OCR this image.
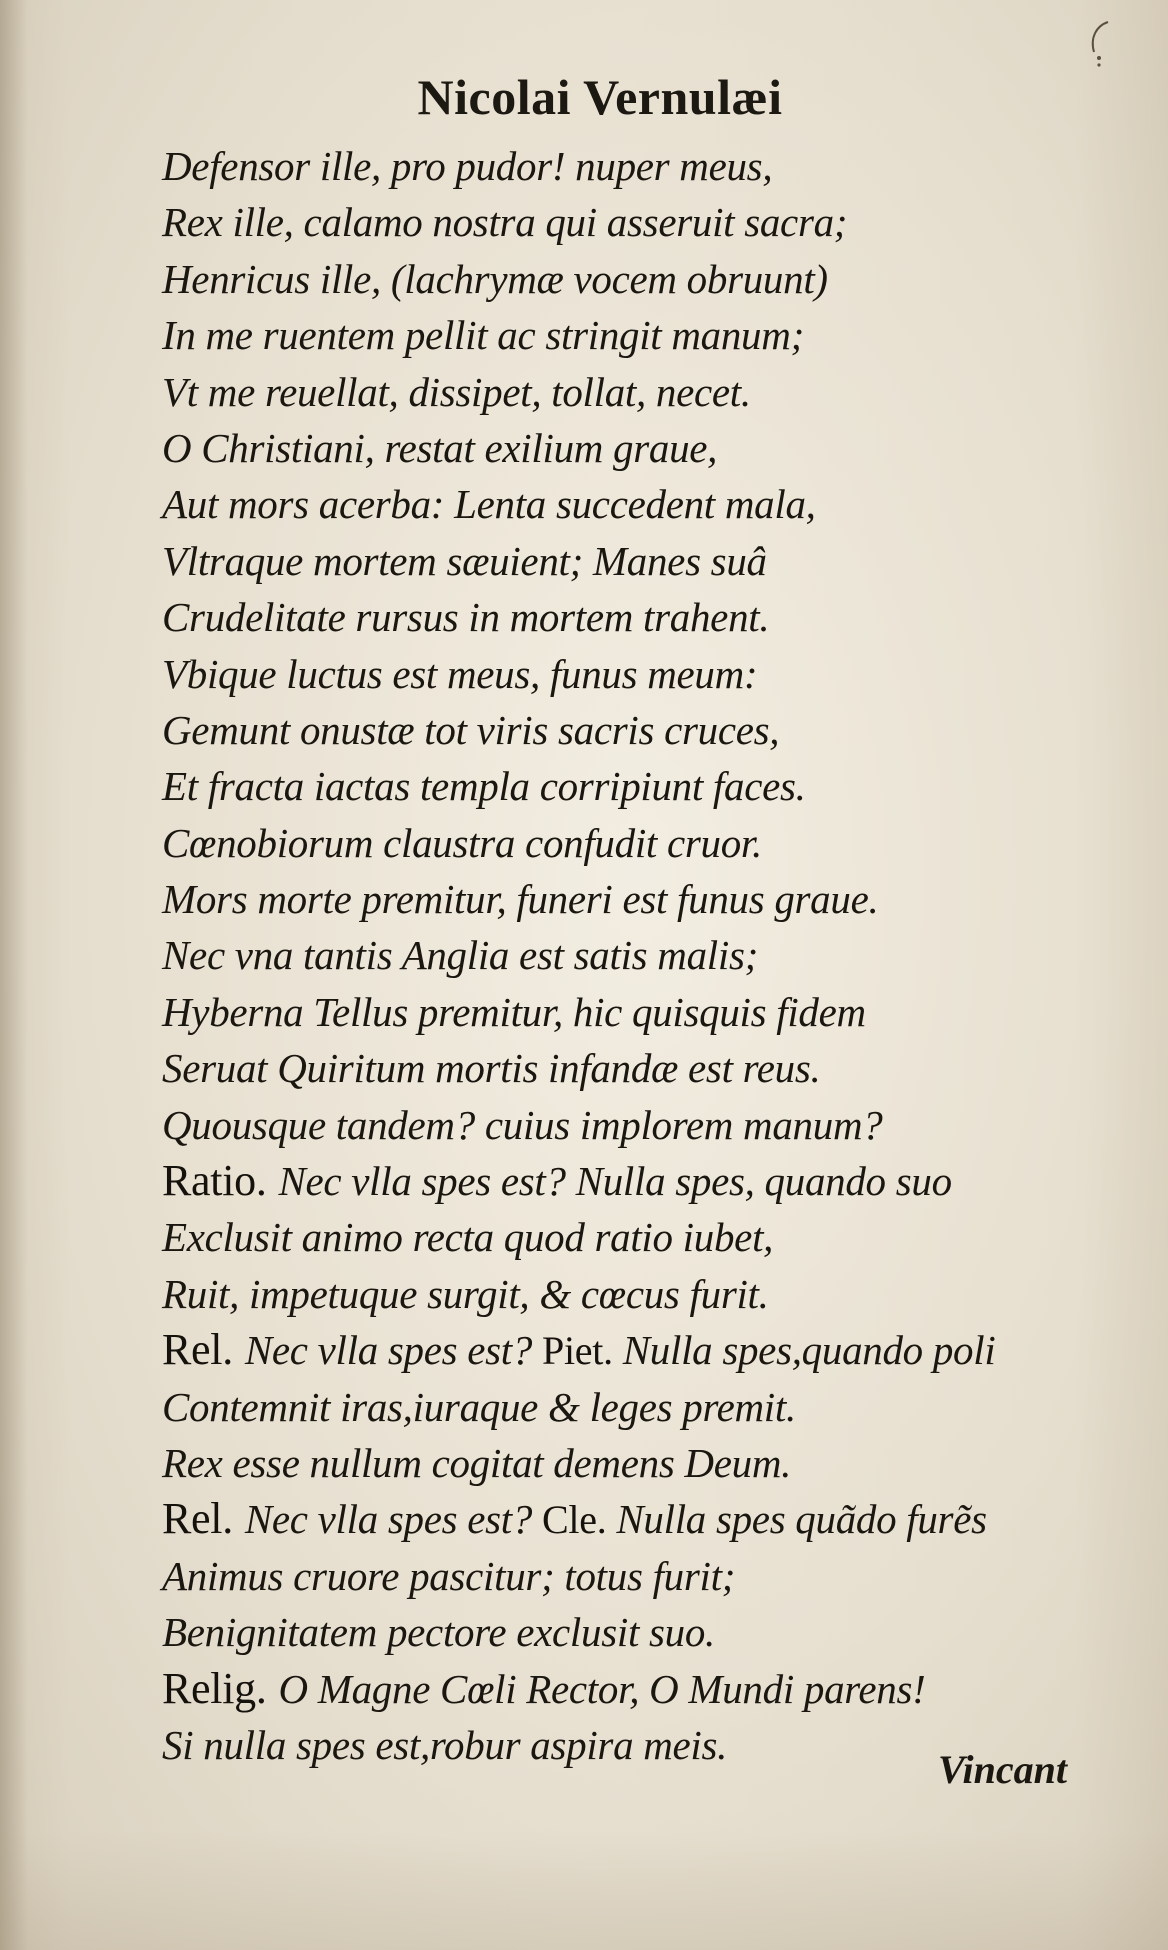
Nicolai Vernulæi
Defensor ille, pro pudor! nuper meus,
Rex ille, calamo nostra qui asseruit sacra;
Henricus ille, (lachrymæ vocem obruunt)
In me ruentem pellit ac stringit manum;
Vt me reuellat, dissipet, tollat, necet.
O Christiani, restat exilium graue,
Aut mors acerba: Lenta succedent mala,
Vltraque mortem sæuient; Manes suâ
Crudelitate rursus in mortem trahent.
Vbique luctus est meus, funus meum:
Gemunt onustæ tot viris sacris cruces,
Et fracta iactas templa corripiunt faces.
Cœnobiorum claustra confudit cruor.
Mors morte premitur, funeri est funus graue.
Nec vna tantis Anglia est satis malis;
Hyberna Tellus premitur, hic quisquis fidem
Seruat Quiritum mortis infandæ est reus.
Quousque tandem? cuius implorem manum?
Ratio. Nec vlla spes est? Nulla spes, quando suo
Exclusit animo recta quod ratio iubet,
Ruit, impetuque surgit, & cœcus furit.
Rel. Nec vlla spes est? Piet. Nulla spes,quando poli
Contemnit iras,iuraque & leges premit.
Rex esse nullum cogitat demens Deum.
Rel. Nec vlla spes est? Cle. Nulla spes quãdo furẽs
Animus cruore pascitur; totus furit;
Benignitatem pectore exclusit suo.
Relig. O Magne Cœli Rector, O Mundi parens!
Si nulla spes est,robur aspira meis.
Vincant
